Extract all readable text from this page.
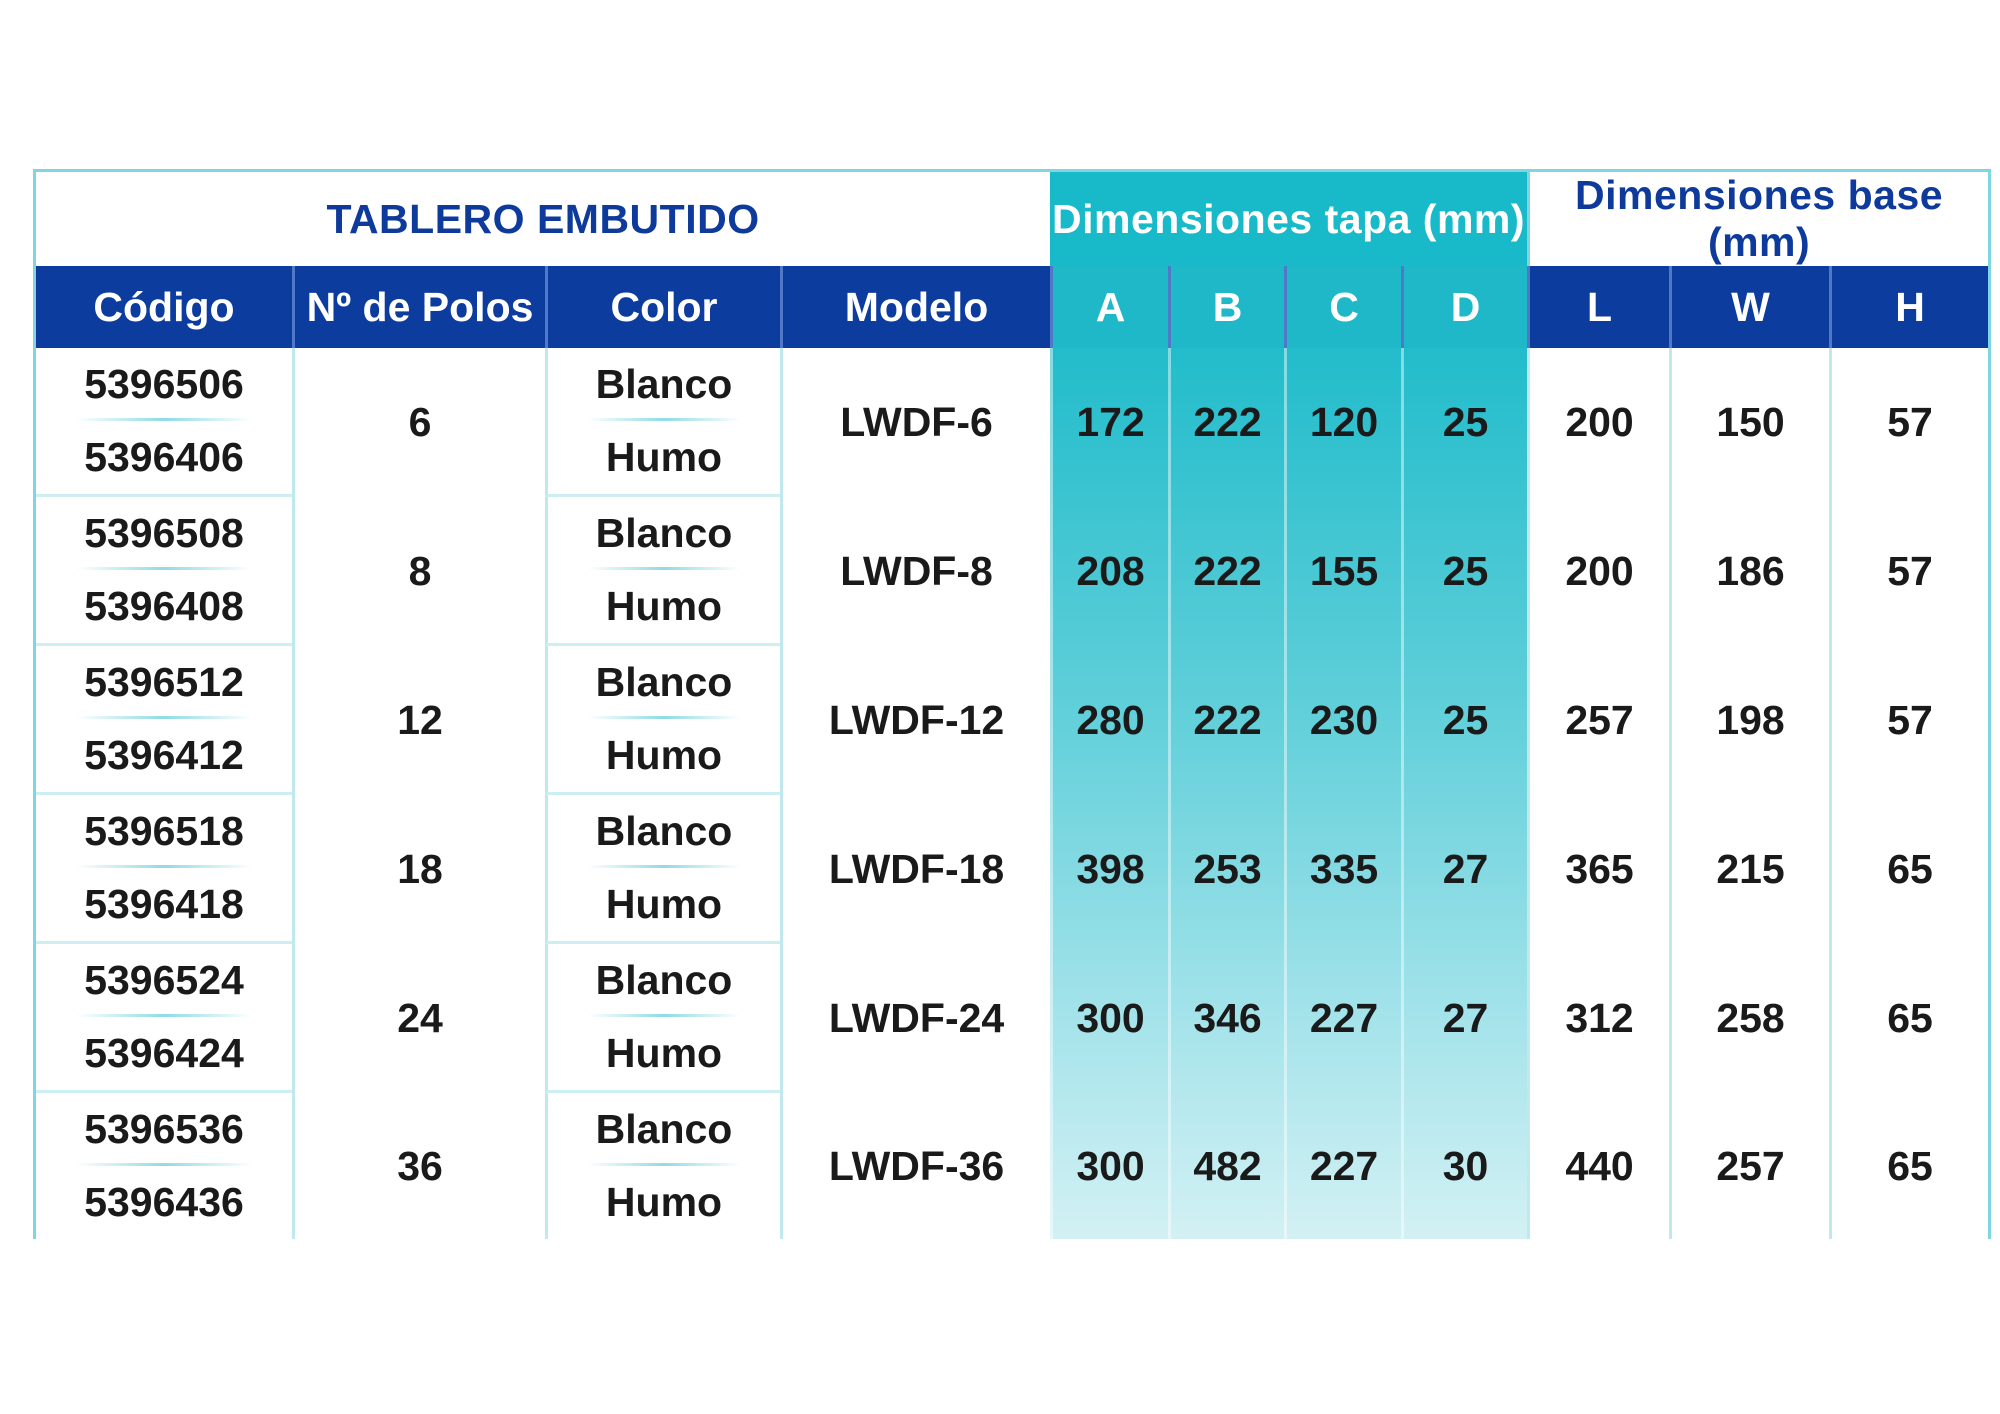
TABLERO EMBUTIDO				Dimensiones tapa (mm)				Dimensiones base (mm)		
Código	Nº de Polos	Color	Modelo	A	B	C	D	L	W	H
5396506	6	Blanco	LWDF-6	172	222	120	25	200	150	57
5396406		Humo								
5396508	8	Blanco	LWDF-8	208	222	155	25	200	186	57
5396408		Humo								
5396512	12	Blanco	LWDF-12	280	222	230	25	257	198	57
5396412		Humo								
5396518	18	Blanco	LWDF-18	398	253	335	27	365	215	65
5396418		Humo								
5396524	24	Blanco	LWDF-24	300	346	227	27	312	258	65
5396424		Humo								
5396536	36	Blanco	LWDF-36	300	482	227	30	440	257	65
5396436		Humo								
